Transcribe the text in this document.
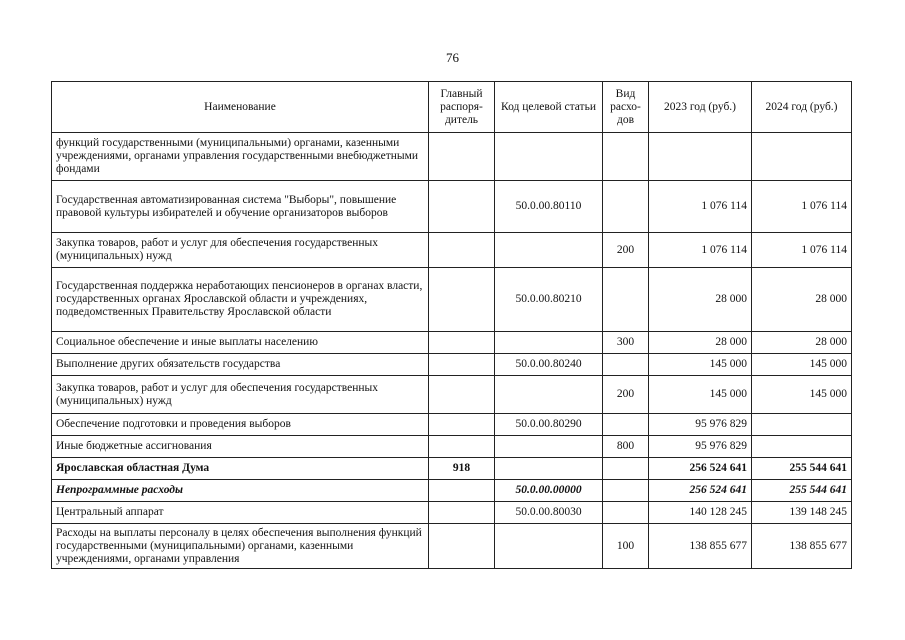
76
Наименование	Главный распоря-дитель	Код целевой статьи	Вид расхо-дов	2023 год (руб.)	2024 год (руб.)
функций государственными (муниципальными) органами, казенными учреждениями, органами управления государственными внебюджетными фондами					
Государственная автоматизированная система "Выборы", повышение правовой культуры избирателей и обучение организаторов выборов		50.0.00.80110		1 076 114	1 076 114
Закупка товаров, работ и услуг для обеспечения государственных (муниципальных) нужд			200	1 076 114	1 076 114
Государственная поддержка неработающих пенсионеров в органах власти, государственных органах Ярославской области и учреждениях, подведомственных Правительству Ярославской области		50.0.00.80210		28 000	28 000
Социальное обеспечение и иные выплаты населению			300	28 000	28 000
Выполнение других обязательств государства		50.0.00.80240		145 000	145 000
Закупка товаров, работ и услуг для обеспечения государственных (муниципальных) нужд			200	145 000	145 000
Обеспечение подготовки и проведения выборов		50.0.00.80290		95 976 829	
Иные бюджетные ассигнования			800	95 976 829	
Ярославская областная Дума	918			256 524 641	255 544 641
Непрограммные расходы		50.0.00.00000		256 524 641	255 544 641
Центральный аппарат		50.0.00.80030		140 128 245	139 148 245
Расходы на выплаты персоналу в целях обеспечения выполнения функций государственными (муниципальными) органами, казенными учреждениями, органами управления			100	138 855 677	138 855 677
